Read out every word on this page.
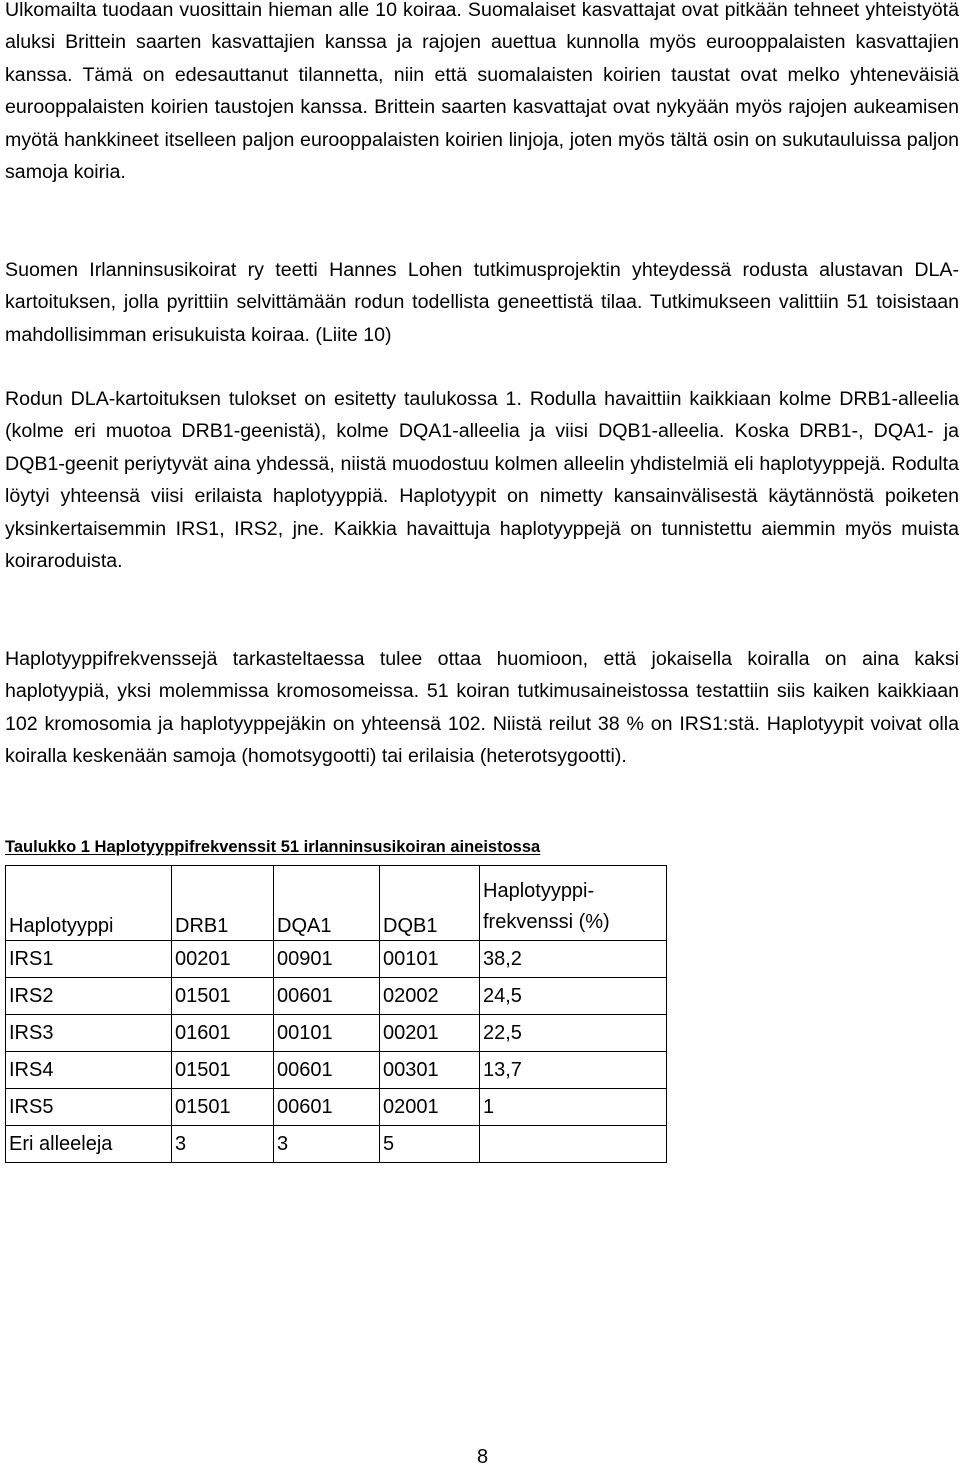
Ulkomailta tuodaan vuosittain hieman alle 10 koiraa. Suomalaiset kasvattajat ovat pitkään tehneet yhteistyötä aluksi Brittein saarten kasvattajien kanssa ja rajojen auettua kunnolla myös eurooppalaisten kasvattajien kanssa. Tämä on edesauttanut tilannetta, niin että suomalaisten koirien taustat ovat melko yhteneväisiä eurooppalaisten koirien taustojen kanssa. Brittein saarten kasvattajat ovat nykyään myös rajojen aukeamisen myötä hankkineet itselleen paljon eurooppalaisten koirien linjoja, joten myös tältä osin on sukutauluissa paljon samoja koiria.

Suomen Irlanninsusikoirat ry teetti Hannes Lohen tutkimusprojektin yhteydessä rodusta alustavan DLA-kartoituksen, jolla pyrittiin selvittämään rodun todellista geneettistä tilaa. Tutkimukseen valittiin 51 toisistaan mahdollisimman erisukuista koiraa. (Liite 10)

Rodun DLA-kartoituksen tulokset on esitetty taulukossa 1. Rodulla havaittiin kaikkiaan kolme DRB1-alleelia (kolme eri muotoa DRB1-geenistä), kolme DQA1-alleelia ja viisi DQB1-alleelia. Koska DRB1-, DQA1- ja DQB1-geenit periytyvät aina yhdessä, niistä muodostuu kolmen alleelin yhdistelmiä eli haplotyyppejä. Rodulta löytyi yhteensä viisi erilaista haplotyyppiä. Haplotyypit on nimetty kansainvälisestä käytännöstä poiketen yksinkertaisemmin IRS1, IRS2, jne. Kaikkia havaittuja haplotyyppejä on tunnistettu aiemmin myös muista koiraroduista.

Haplotyyppifrekvenssejä tarkasteltaessa tulee ottaa huomioon, että jokaisella koiralla on aina kaksi haplotyypiä, yksi molemmissa kromosomeissa. 51 koiran tutkimusaineistossa testattiin siis kaiken kaikkiaan 102 kromosomia ja haplotyyppejäkin on yhteensä 102. Niistä reilut 38 % on IRS1:stä. Haplotyypit voivat olla koiralla keskenään samoja (homotsygootti) tai erilaisia (heterotsygootti).

Taulukko 1 Haplotyyppifrekvenssit 51 irlanninsusikoiran aineistossa
Haplotyyppi	DRB1	DQA1	DQB1	Haplotyyppi-frekvenssi (%)
IRS1	00201	00901	00101	38,2
IRS2	01501	00601	02002	24,5
IRS3	01601	00101	00201	22,5
IRS4	01501	00601	00301	13,7
IRS5	01501	00601	02001	1
Eri alleeleja	3	3	5	
8
